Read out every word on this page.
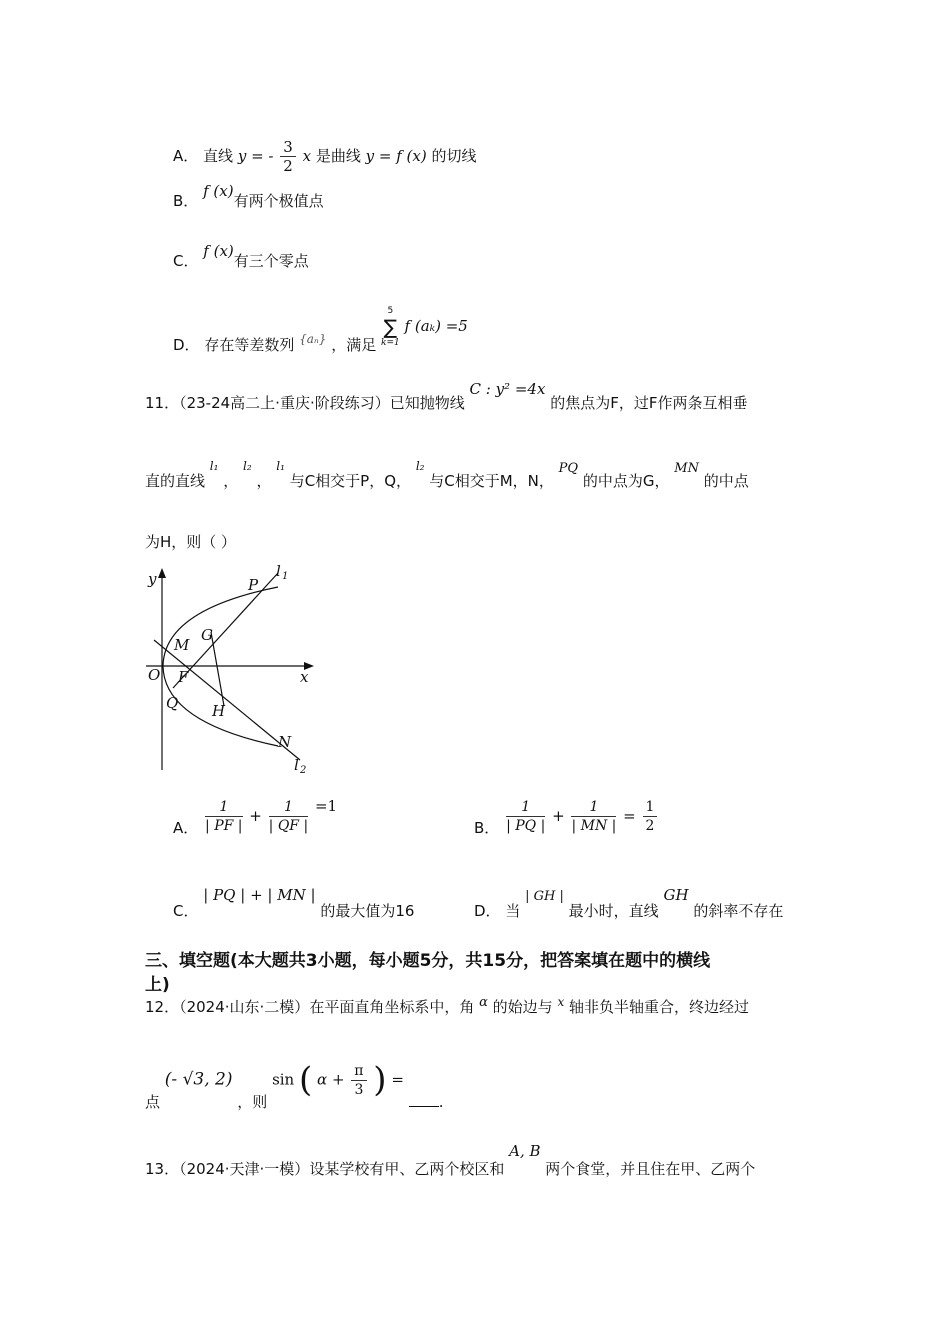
A． 直线 y = - $\frac{3}{2}$ x 是曲线 y = f (x) 的切线
B． f (x)有两个极值点
C． f (x)有三个零点
D． 存在等差数列 $_{\{a_n\}}$ ，满足
5
∑
k=1
f (aₖ) =5
11．（23-24高二上·重庆·阶段练习）已知抛物线 C : y² =4x 的焦点为F，过F作两条互相垂
直的直线 $^{l_1}$ ， $^{l_2}$ ， $^{l_1}$ 与C相交于P，Q， $^{l_2}$ 与C相交于M，N， PQ 的中点为G， MN 的中点
为H，则（ ）
y
x
O F
P
Q
M
N
G
H
l 1
l 2
A． $\frac{1}{| PF |} + \frac{1}{| QF |} =1$
B． $\frac{1}{| PQ |} + \frac{1}{| MN |} = \frac{1}{2}$
C． | PQ | + | MN | 的最大值为16	D． 当 | GH | 最小时，直线 GH 的斜率不存在
三、填空题(本大题共3小题，每小题5分，共15分，把答案填在题中的横线
上)
12．（2024·山东·二模）在平面直角坐标系中，角 α 的始边与 $^x$ 轴非负半轴重合，终边经过
点 (- √3, 2) ，则 sin ( $\alpha + \frac{\pi}{3}$ ) = .
13．（2024·天津·一模）设某学校有甲、乙两个校区和 A, B 两个食堂，并且住在甲、乙两个
